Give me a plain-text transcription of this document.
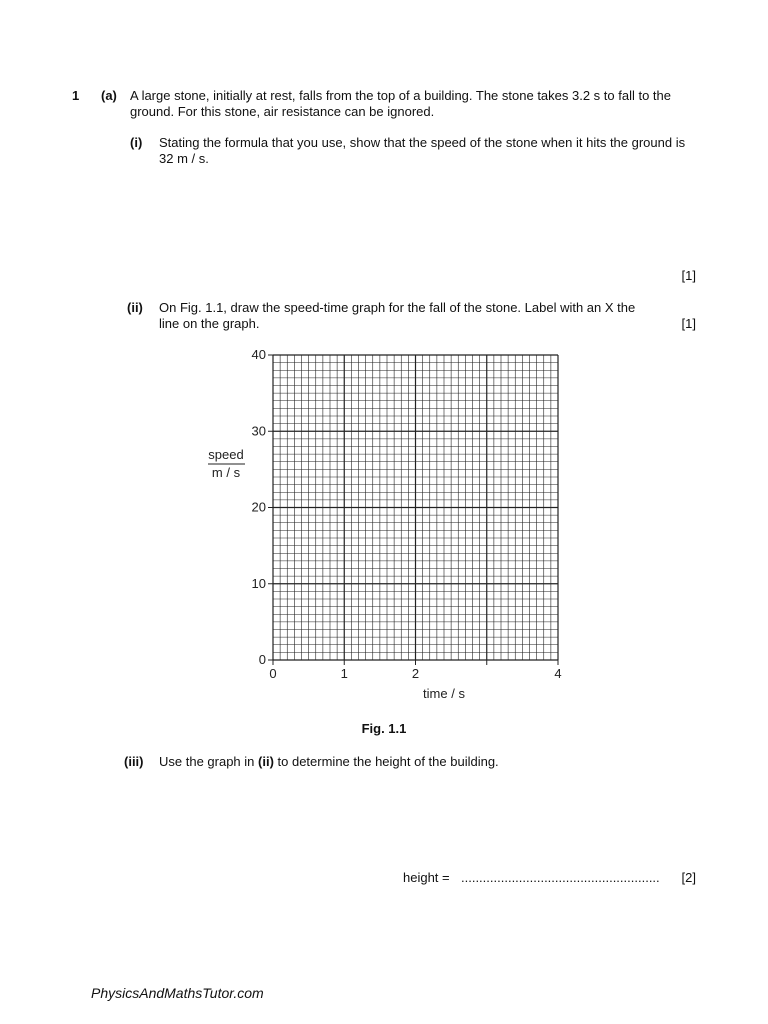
1 (a) A large stone, initially at rest, falls from the top of a building. The stone takes 3.2 s to fall to the ground. For this stone, air resistance can be ignored.
(i) Stating the formula that you use, show that the speed of the stone when it hits the ground is 32 m / s.
[1]
(ii) On Fig. 1.1, draw the speed-time graph for the fall of the stone. Label with an X the line on the graph.	[1]
0
10
20
30
40
0	1	2	4
speed
m / s
time / s
Fig. 1.1
(iii) Use the graph in (ii) to determine the height of the building.
height = .......................................................	[2]
PhysicsAndMathsTutor.com
